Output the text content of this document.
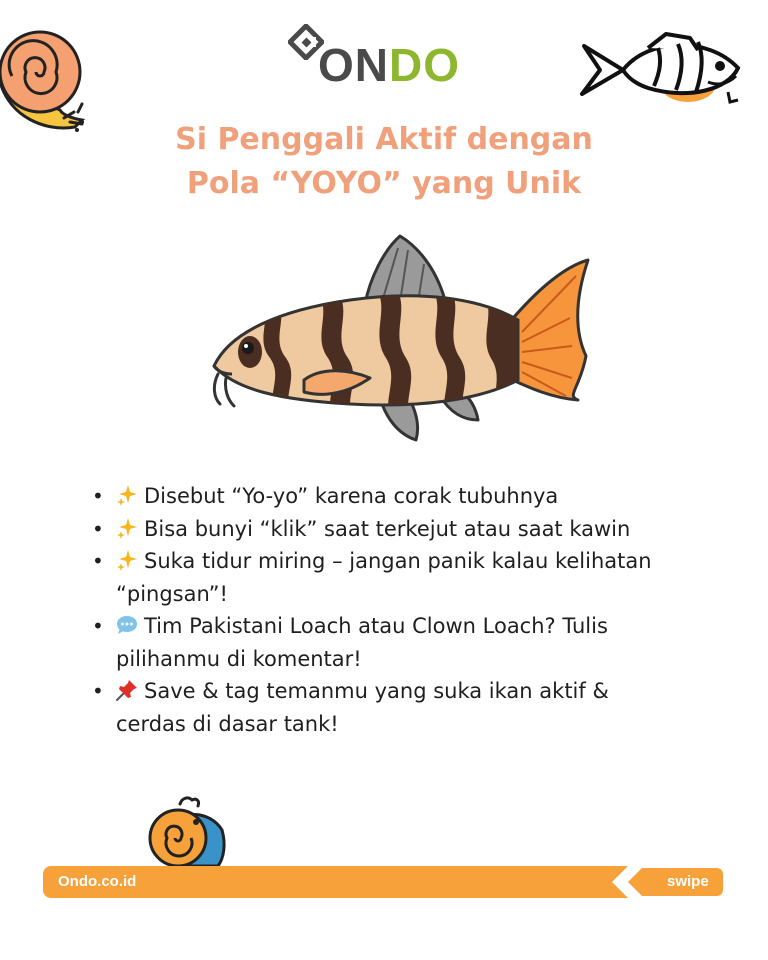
ONDO
Si Penggali Aktif dengan
Pola “YOYO” yang Unik
• Disebut “Yo-yo” karena corak tubuhnya
• Bisa bunyi “klik” saat terkejut atau saat kawin
• Suka tidur miring – jangan panik kalau kelihatan
“pingsan”!
• Tim Pakistani Loach atau Clown Loach? Tulis
pilihanmu di komentar!
• Save & tag temanmu yang suka ikan aktif &
cerdas di dasar tank!
Ondo.co.id	swipe
